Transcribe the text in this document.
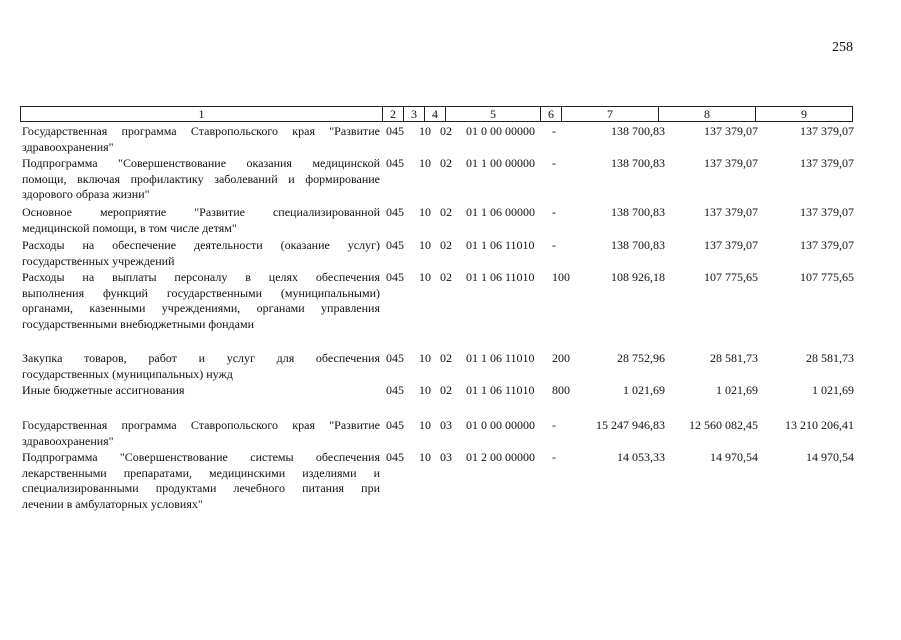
258
1	2	3	4	5	6	7	8	9
Государственная программа Ставропольского края "Развитие
здравоохранения"
045	10 02	01 0 00 00000	-	138 700,83	137 379,07	137 379,07
Подпрограмма "Совершенствование оказания медицинской
помощи, включая профилактику заболеваний и формирование
здорового образа жизни"
045	10 02	01 1 00 00000	-	138 700,83	137 379,07	137 379,07
Основное мероприятие "Развитие специализированной
медицинской помощи, в том числе детям"
045	10 02	01 1 06 00000	-	138 700,83	137 379,07	137 379,07
Расходы на обеспечение деятельности (оказание услуг)
государственных учреждений
045	10 02	01 1 06 11010	-	138 700,83	137 379,07	137 379,07
Расходы на выплаты персоналу в целях обеспечения
выполнения функций государственными (муниципальными)
органами, казенными учреждениями, органами управления
государственными внебюджетными фондами
045	10 02	01 1 06 11010	100	108 926,18	107 775,65	107 775,65
Закупка товаров, работ и услуг для обеспечения
государственных (муниципальных) нужд
045	10 02	01 1 06 11010	200	28 752,96	28 581,73	28 581,73
Иные бюджетные ассигнования	045	10 02	01 1 06 11010	800	1 021,69	1 021,69	1 021,69
Государственная программа Ставропольского края "Развитие
здравоохранения"
045	10 03	01 0 00 00000	-	15 247 946,83	12 560 082,45	13 210 206,41
Подпрограмма "Совершенствование системы обеспечения
лекарственными препаратами, медицинскими изделиями и
специализированными продуктами лечебного питания при
лечении в амбулаторных условиях"
045	10 03	01 2 00 00000	-	14 053,33	14 970,54	14 970,54
